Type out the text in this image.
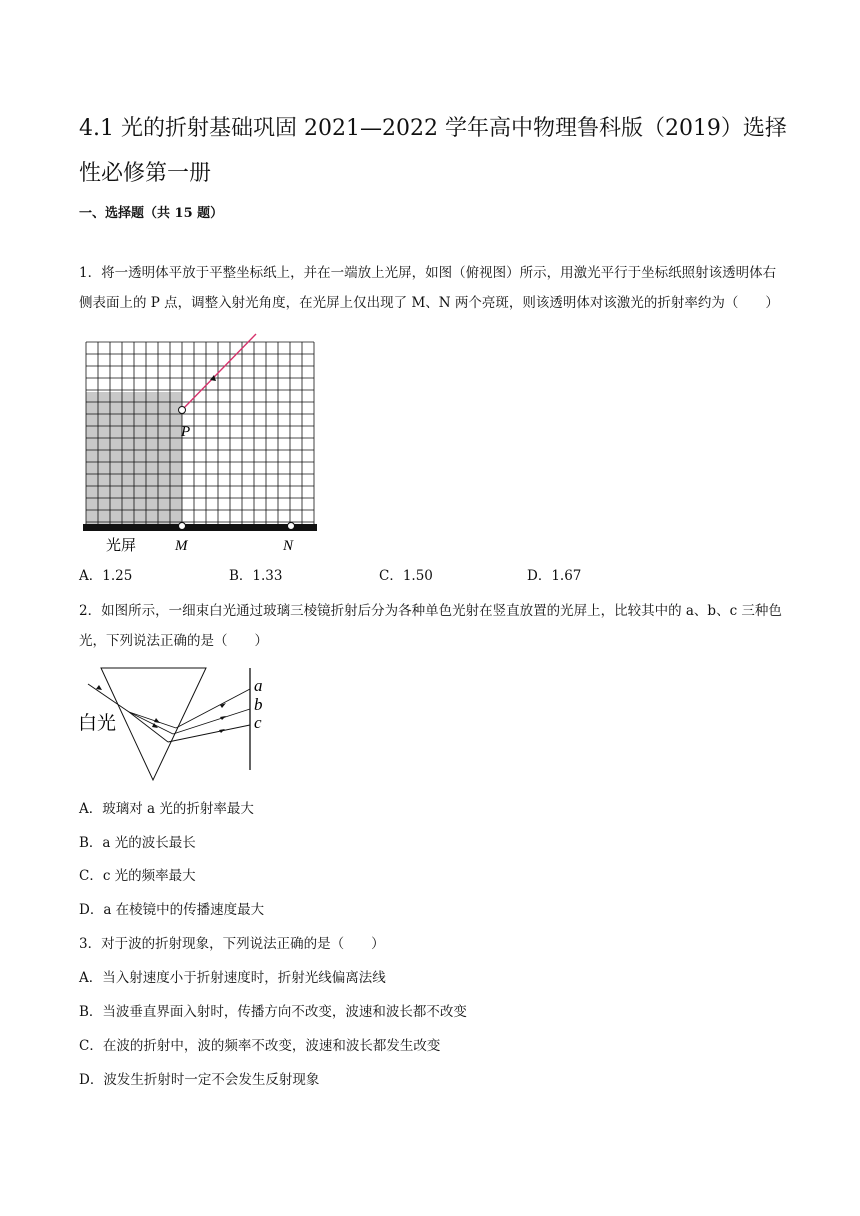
4.1 光的折射基础巩固 2021—2022 学年高中物理鲁科版（2019）选择性必修第一册
一、选择题（共 15 题）

1．将一透明体平放于平整坐标纸上，并在一端放上光屏，如图（俯视图）所示，用激光平行于坐标纸照射该透明体右侧表面上的 P 点，调整入射光角度，在光屏上仅出现了 M、N 两个亮斑，则该透明体对该激光的折射率约为（　　）

P
光屏	M	N
A．1.25	B．1.33	C．1.50	D．1.67

2．如图所示，一细束白光通过玻璃三棱镜折射后分为各种单色光射在竖直放置的光屏上，比较其中的 a、b、c 三种色光，下列说法正确的是（　　）

白光
a
b
c
A．玻璃对 a 光的折射率最大
B．a 光的波长最长
C．c 光的频率最大
D．a 在棱镜中的传播速度最大
3．对于波的折射现象，下列说法正确的是（　　）
A．当入射速度小于折射速度时，折射光线偏离法线
B．当波垂直界面入射时，传播方向不改变，波速和波长都不改变
C．在波的折射中，波的频率不改变，波速和波长都发生改变
D．波发生折射时一定不会发生反射现象
